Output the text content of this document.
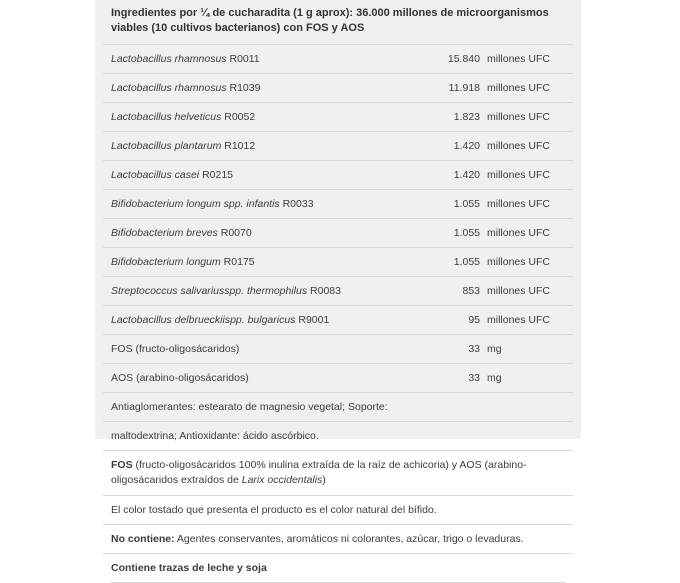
Ingredientes por ¼ de cucharadita (1 g aprox): 36.000 millones de microorganismos viables (10 cultivos bacterianos) con FOS y AOS
Lactobacillus rhamnosus R0011	15.840 millones UFC
Lactobacillus rhamnosus R1039	11.918 millones UFC
Lactobacillus helveticus R0052	1.823 millones UFC
Lactobacillus plantarum R1012	1.420 millones UFC
Lactobacillus casei R0215	1.420 millones UFC
Bifidobacterium longum spp. infantis R0033	1.055 millones UFC
Bifidobacterium breves R0070	1.055 millones UFC
Bifidobacterium longum R0175	1.055 millones UFC
Streptococcus salivariusspp. thermophilus R0083	853 millones UFC
Lactobacillus delbrueckiispp. bulgaricus R9001	95 millones UFC
FOS (fructo-oligosácaridos)	33 mg
AOS (arabino-oligosácaridos)	33 mg
Antiaglomerantes: estearato de magnesio vegetal; Soporte:
maltodextrina; Antioxidante: ácido ascórbico.
FOS (fructo-oligosácaridos 100% inulina extraída de la raíz de achicoria) y AOS (arabino-oligosácaridos extraídos de Larix occidentalis)
El color tostado que presenta el producto es el color natural del bífido.
No contiene: Agentes conservantes, aromáticos ni colorantes, azúcar, trigo o levaduras.
Contiene trazas de leche y soja
